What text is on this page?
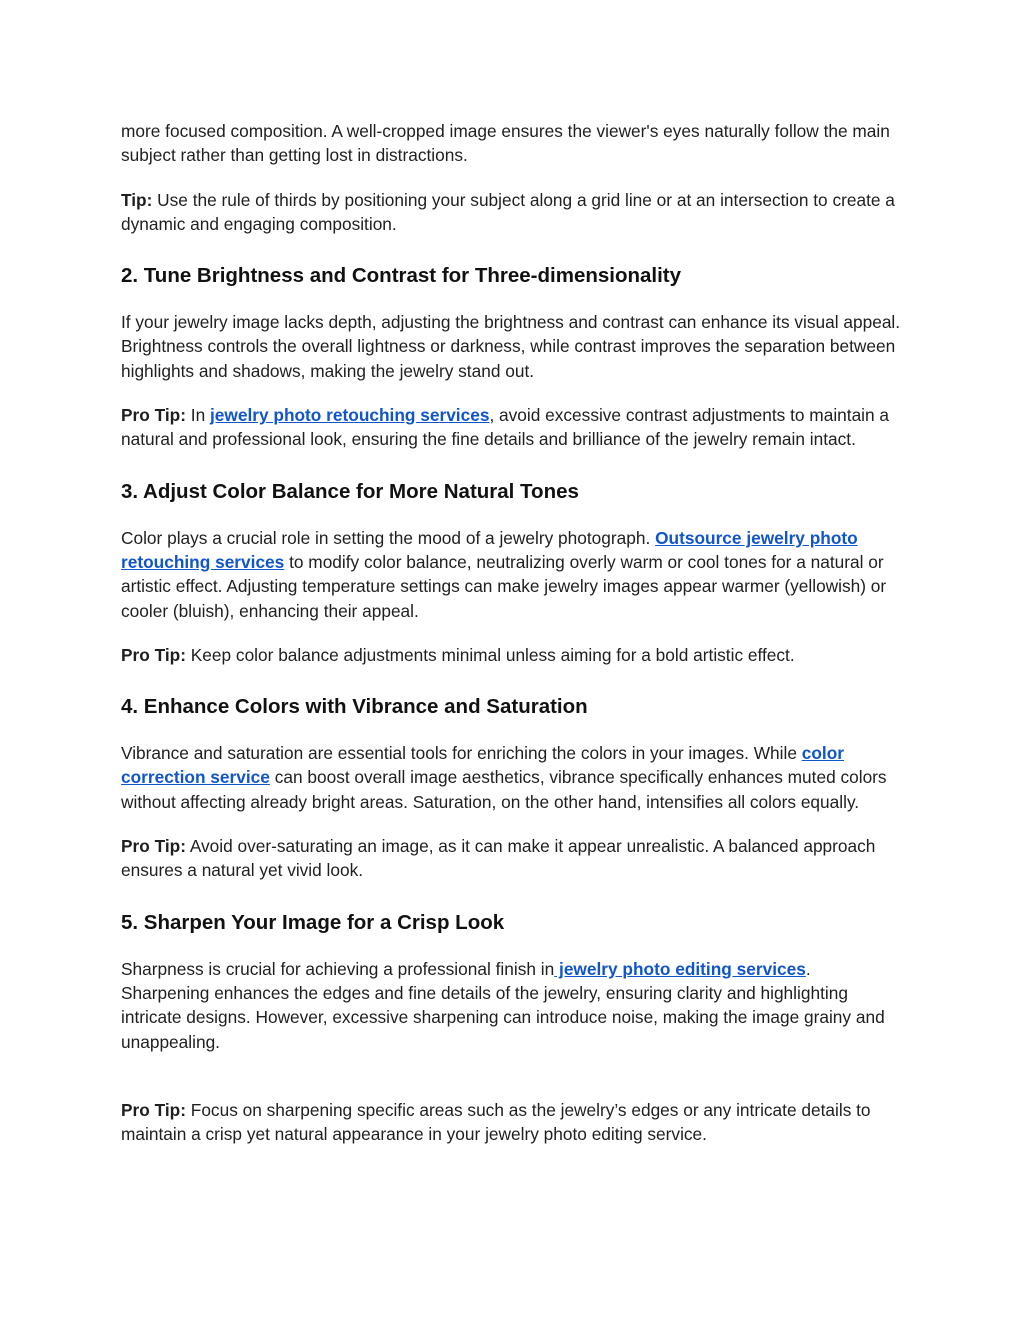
more focused composition. A well-cropped image ensures the viewer's eyes naturally follow the main subject rather than getting lost in distractions.

Tip: Use the rule of thirds by positioning your subject along a grid line or at an intersection to create a dynamic and engaging composition.

2. Tune Brightness and Contrast for Three-dimensionality

If your jewelry image lacks depth, adjusting the brightness and contrast can enhance its visual appeal. Brightness controls the overall lightness or darkness, while contrast improves the separation between highlights and shadows, making the jewelry stand out.

Pro Tip: In jewelry photo retouching services, avoid excessive contrast adjustments to maintain a natural and professional look, ensuring the fine details and brilliance of the jewelry remain intact.

3. Adjust Color Balance for More Natural Tones

Color plays a crucial role in setting the mood of a jewelry photograph. Outsource jewelry photo retouching services to modify color balance, neutralizing overly warm or cool tones for a natural or artistic effect. Adjusting temperature settings can make jewelry images appear warmer (yellowish) or cooler (bluish), enhancing their appeal.

Pro Tip: Keep color balance adjustments minimal unless aiming for a bold artistic effect.

4. Enhance Colors with Vibrance and Saturation

Vibrance and saturation are essential tools for enriching the colors in your images. While color correction service can boost overall image aesthetics, vibrance specifically enhances muted colors without affecting already bright areas. Saturation, on the other hand, intensifies all colors equally.

Pro Tip: Avoid over-saturating an image, as it can make it appear unrealistic. A balanced approach ensures a natural yet vivid look.

5. Sharpen Your Image for a Crisp Look

Sharpness is crucial for achieving a professional finish in jewelry photo editing services. Sharpening enhances the edges and fine details of the jewelry, ensuring clarity and highlighting intricate designs. However, excessive sharpening can introduce noise, making the image grainy and unappealing.

Pro Tip: Focus on sharpening specific areas such as the jewelry’s edges or any intricate details to maintain a crisp yet natural appearance in your jewelry photo editing service.
